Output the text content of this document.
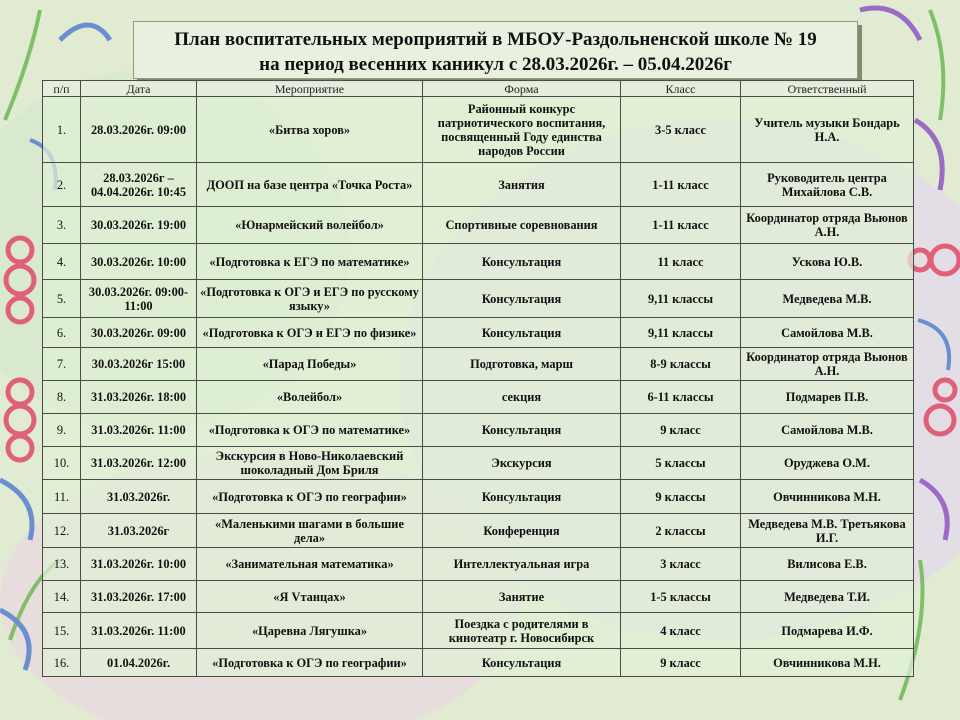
План воспитательных мероприятий в МБОУ-Раздольненской школе № 19
на период весенних каникул с 28.03.2026г. – 05.04.2026г
п/п	Дата	Мероприятие	Форма	Класс	Ответственный
1.	28.03.2026г. 09:00	«Битва хоров»	Районный конкурс патриотического воспитания, посвященный Году единства народов России	3-5 класс	Учитель музыки Бондарь Н.А.
2.	28.03.2026г – 04.04.2026г. 10:45	ДООП на базе центра «Точка Роста»	Занятия	1-11 класс	Руководитель центра Михайлова С.В.
3.	30.03.2026г. 19:00	«Юнармейский волейбол»	Спортивные соревнования	1-11 класс	Координатор отряда Вьюнов А.Н.
4.	30.03.2026г. 10:00	«Подготовка к ЕГЭ по математике»	Консультация	11 класс	Ускова Ю.В.
5.	30.03.2026г. 09:00-11:00	«Подготовка к ОГЭ и ЕГЭ по русскому языку»	Консультация	9,11 классы	Медведева М.В.
6.	30.03.2026г. 09:00	«Подготовка к ОГЭ и ЕГЭ по физике»	Консультация	9,11 классы	Самойлова М.В.
7.	30.03.2026г 15:00	«Парад Победы»	Подготовка, марш	8-9 классы	Координатор отряда Вьюнов А.Н.
8.	31.03.2026г. 18:00	«Волейбол»	секция	6-11 классы	Подмарев П.В.
9.	31.03.2026г. 11:00	«Подготовка к ОГЭ по математике»	Консультация	9 класс	Самойлова М.В.
10.	31.03.2026г. 12:00	Экскурсия в Ново-Николаевский шоколадный Дом Бриля	Экскурсия	5 классы	Оруджева О.М.
11.	31.03.2026г.	«Подготовка к ОГЭ по географии»	Консультация	9 классы	Овчинникова М.Н.
12.	31.03.2026г	«Маленькими шагами в большие дела»	Конференция	2 классы	Медведева М.В. Третьякова И.Г.
13.	31.03.2026г. 10:00	«Занимательная математика»	Интеллектуальная игра	3 класс	Вилисова Е.В.
14.	31.03.2026г. 17:00	«Я Vтанцах»	Занятие	1-5 классы	Медведева Т.И.
15.	31.03.2026г. 11:00	«Царевна Лягушка»	Поездка с родителями в кинотеатр г. Новосибирск	4 класс	Подмарева И.Ф.
16.	01.04.2026г.	«Подготовка к ОГЭ по географии»	Консультация	9 класс	Овчинникова М.Н.
